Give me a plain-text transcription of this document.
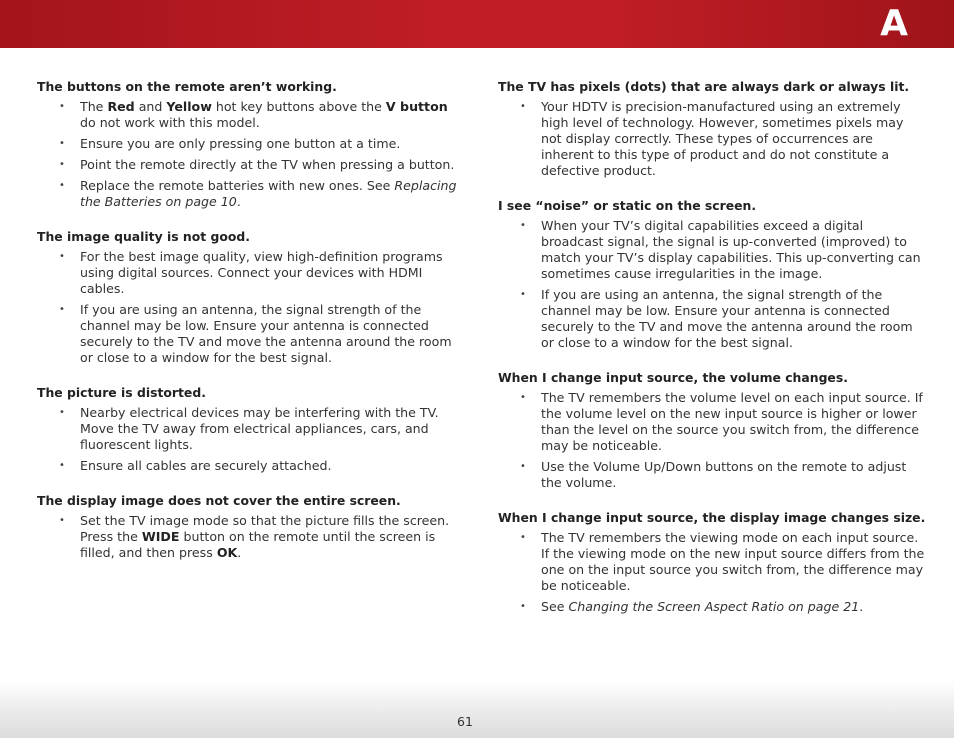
A
The buttons on the remote aren’t working.
• The Red and Yellow hot key buttons above the V button do not work with this model.
• Ensure you are only pressing one button at a time.
• Point the remote directly at the TV when pressing a button.
• Replace the remote batteries with new ones. See Replacing the Batteries on page 10.
The image quality is not good.
• For the best image quality, view high-definition programs using digital sources. Connect your devices with HDMI cables.
• If you are using an antenna, the signal strength of the channel may be low. Ensure your antenna is connected securely to the TV and move the antenna around the room or close to a window for the best signal.
The picture is distorted.
• Nearby electrical devices may be interfering with the TV. Move the TV away from electrical appliances, cars, and fluorescent lights.
• Ensure all cables are securely attached.
The display image does not cover the entire screen.
• Set the TV image mode so that the picture fills the screen. Press the WIDE button on the remote until the screen is filled, and then press OK.
The TV has pixels (dots) that are always dark or always lit.
• Your HDTV is precision-manufactured using an extremely high level of technology. However, sometimes pixels may not display correctly. These types of occurrences are inherent to this type of product and do not constitute a defective product.
I see “noise” or static on the screen.
• When your TV’s digital capabilities exceed a digital broadcast signal, the signal is up-converted (improved) to match your TV’s display capabilities. This up-converting can sometimes cause irregularities in the image.
• If you are using an antenna, the signal strength of the channel may be low. Ensure your antenna is connected securely to the TV and move the antenna around the room or close to a window for the best signal.
When I change input source, the volume changes.
• The TV remembers the volume level on each input source. If the volume level on the new input source is higher or lower than the level on the source you switch from, the difference may be noticeable.
• Use the Volume Up/Down buttons on the remote to adjust the volume.
When I change input source, the display image changes size.
• The TV remembers the viewing mode on each input source. If the viewing mode on the new input source differs from the one on the input source you switch from, the difference may be noticeable.
• See Changing the Screen Aspect Ratio on page 21.
61
